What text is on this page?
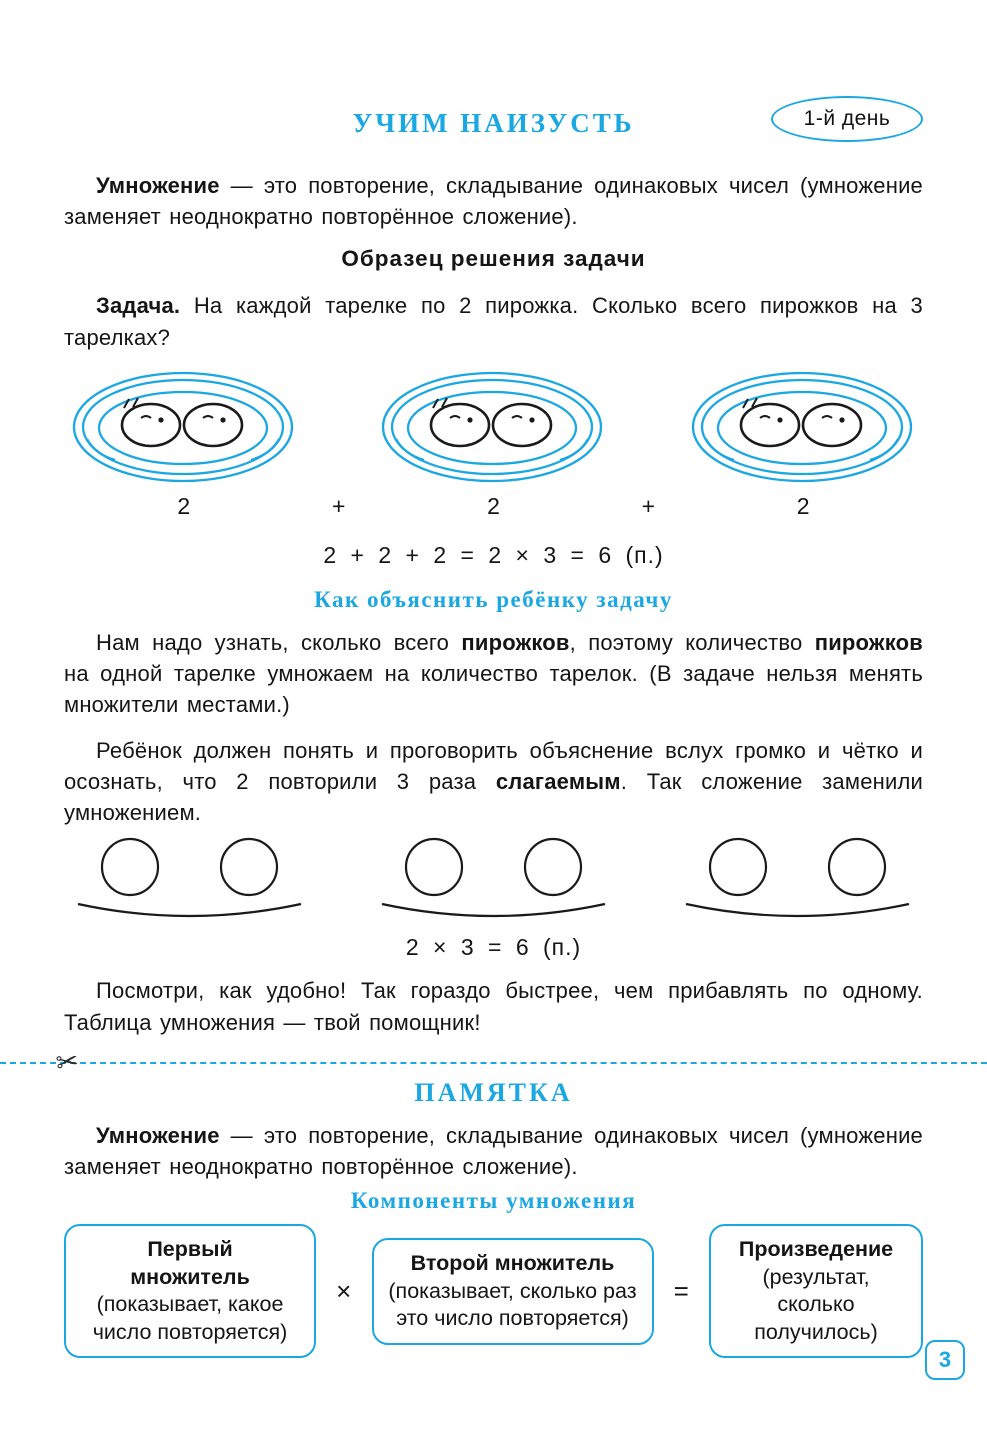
УЧИМ НАИЗУСТЬ	1-й день

Умножение — это повторение, складывание одинаковых чисел (умножение заменяет неоднократно повторённое сложение).

Образец решения задачи

Задача. На каждой тарелке по 2 пирожка. Сколько всего пирожков на 3 тарелках?

2	+	2	+	2
2 + 2 + 2 = 2 × 3 = 6 (п.)
Как объяснить ребёнку задачу

Нам надо узнать, сколько всего пирожков, поэтому количество пирожков на одной тарелке умножаем на количество тарелок. (В задаче нельзя менять множители местами.)

Ребёнок должен понять и проговорить объяснение вслух громко и чётко и осознать, что 2 повторили 3 раза слагаемым. Так сложение заменили умножением.

2 × 3 = 6 (п.)

Посмотри, как удобно! Так гораздо быстрее, чем прибавлять по одному. Таблица умножения — твой помощник!

✂
ПАМЯТКА

Умножение — это повторение, складывание одинаковых чисел (умножение заменяет неоднократно повторённое сложение).

Компоненты умножения
Первый множитель
(показывает, какое число повторяется)
×
Второй множитель
(показывает, сколько раз это число повторяется)
=
Произведение
(результат, сколько получилось)
3
